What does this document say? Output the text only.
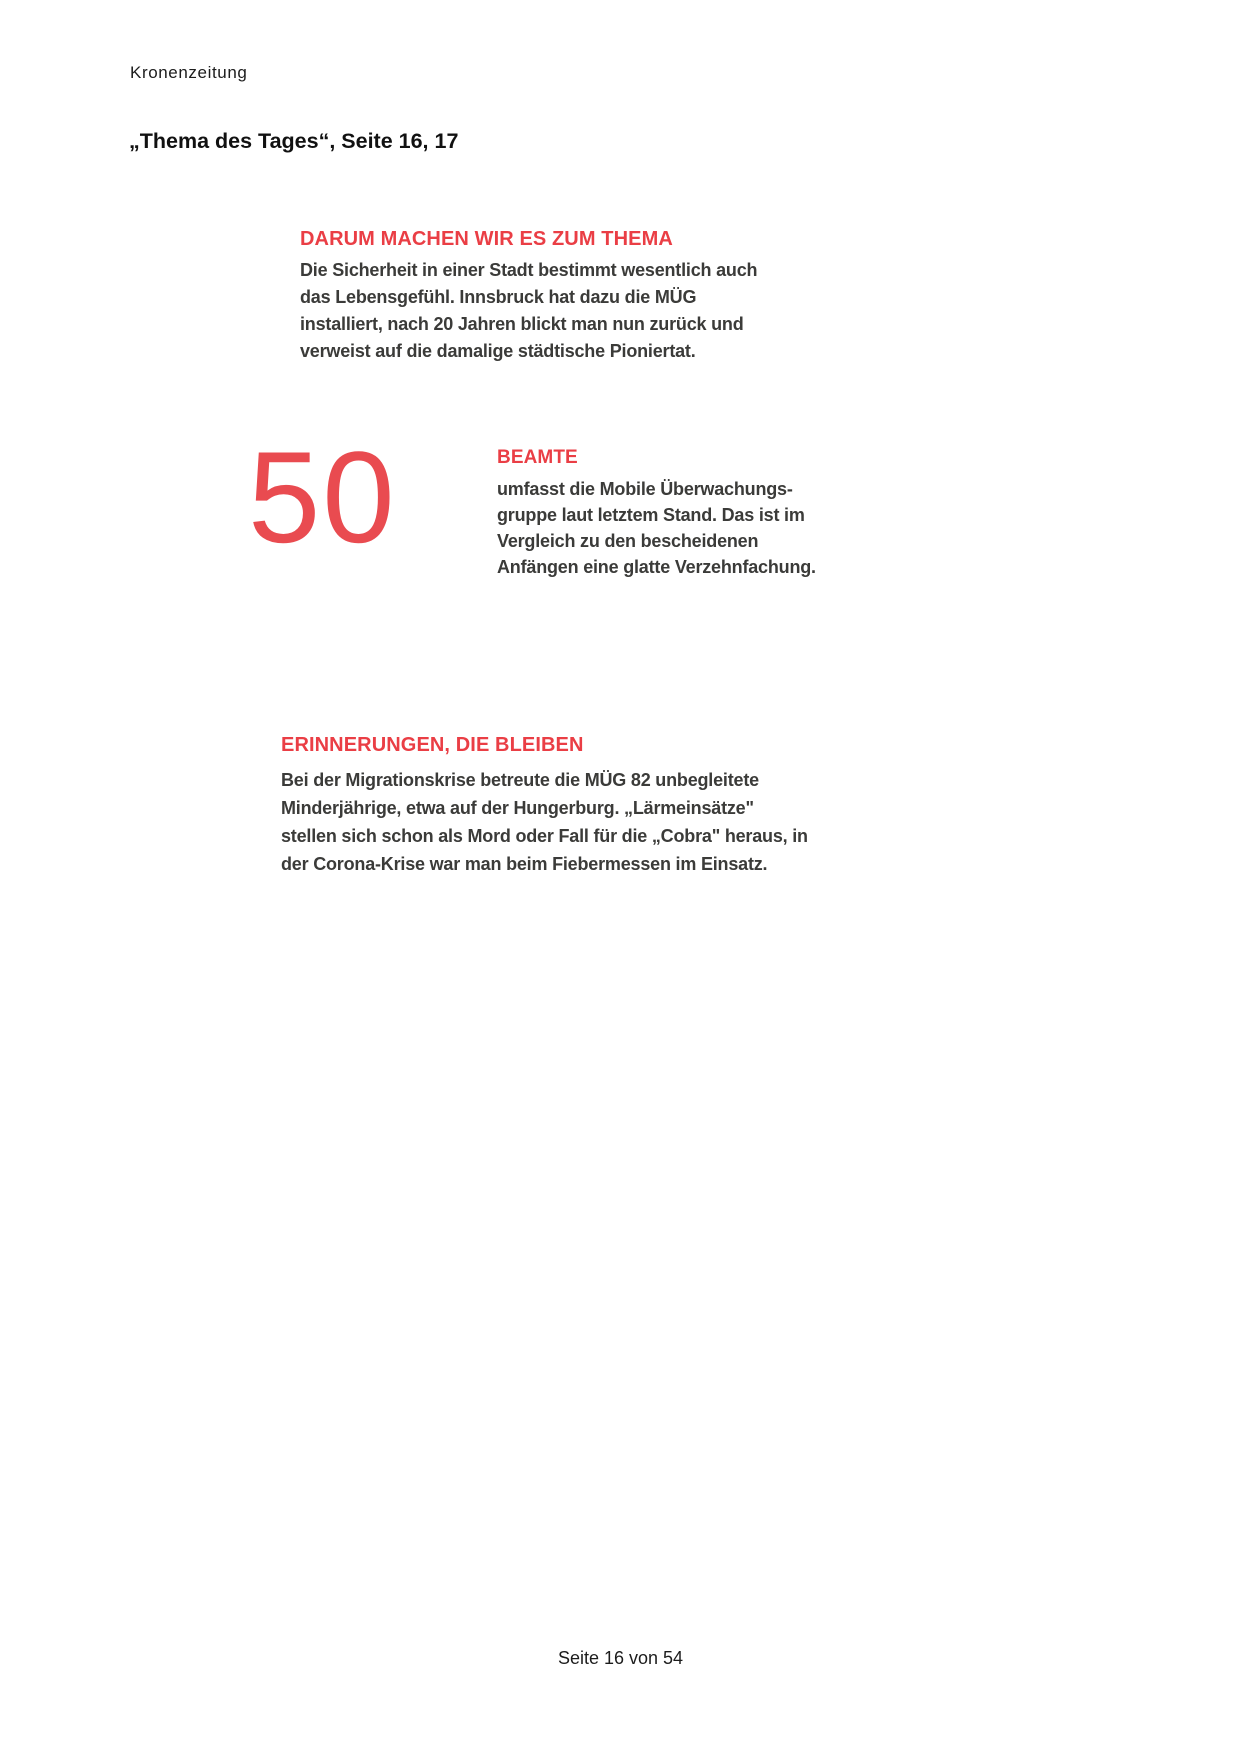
Kronenzeitung
„Thema des Tages“, Seite 16, 17
DARUM MACHEN WIR ES ZUM THEMA
Die Sicherheit in einer Stadt bestimmt wesentlich auch
das Lebensgefühl. Innsbruck hat dazu die MÜG
installiert, nach 20 Jahren blickt man nun zurück und
verweist auf die damalige städtische Pioniertat.
50	BEAMTE
umfasst die Mobile Überwachungs-
gruppe laut letztem Stand. Das ist im
Vergleich zu den bescheidenen
Anfängen eine glatte Verzehnfachung.
ERINNERUNGEN, DIE BLEIBEN
Bei der Migrationskrise betreute die MÜG 82 unbegleitete
Minderjährige, etwa auf der Hungerburg. „Lärmeinsätze"
stellen sich schon als Mord oder Fall für die „Cobra" heraus, in
der Corona-Krise war man beim Fiebermessen im Einsatz.
Seite 16 von 54
